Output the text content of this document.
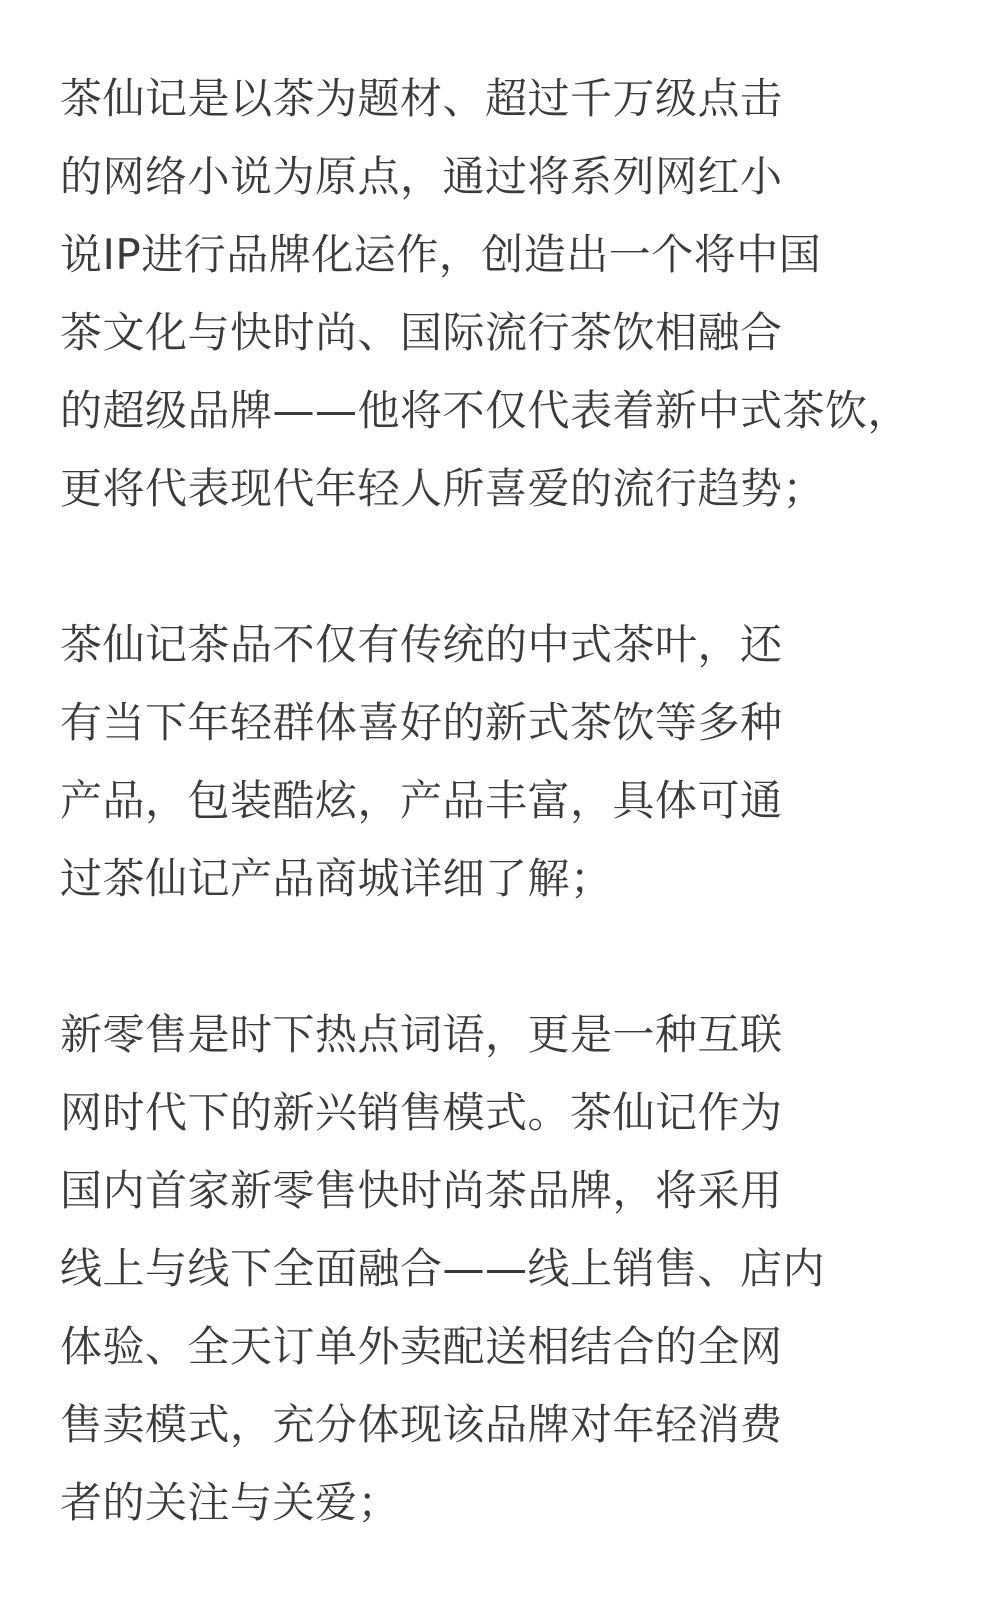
茶仙记是以茶为题材、超过千万级点击
的网络小说为原点，通过将系列网红小
说IP进行品牌化运作，创造出一个将中国
茶文化与快时尚、国际流行茶饮相融合
的超级品牌——他将不仅代表着新中式茶饮，
更将代表现代年轻人所喜爱的流行趋势；
茶仙记茶品不仅有传统的中式茶叶，还
有当下年轻群体喜好的新式茶饮等多种
产品，包装酷炫，产品丰富，具体可通
过茶仙记产品商城详细了解；
新零售是时下热点词语，更是一种互联
网时代下的新兴销售模式。茶仙记作为
国内首家新零售快时尚茶品牌，将采用
线上与线下全面融合——线上销售、店内
体验、全天订单外卖配送相结合的全网
售卖模式，充分体现该品牌对年轻消费
者的关注与关爱；
